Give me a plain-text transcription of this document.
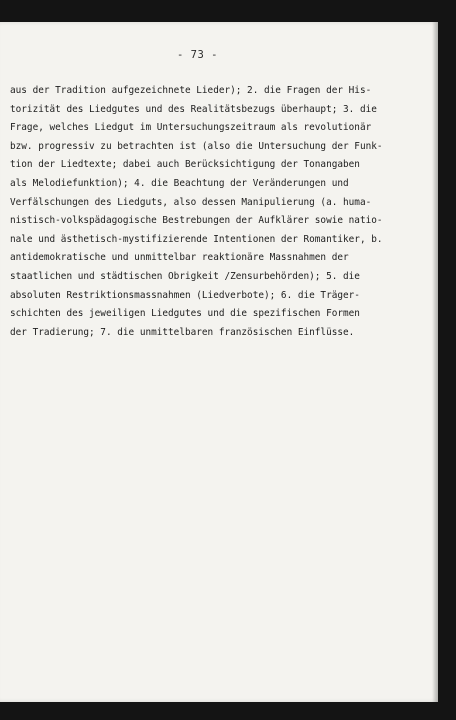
- 73 -
aus der Tradition aufgezeichnete Lieder); 2. die Fragen der His-
torizität des Liedgutes und des Realitätsbezugs überhaupt; 3. die
Frage, welches Liedgut im Untersuchungszeitraum als revolutionär
bzw. progressiv zu betrachten ist (also die Untersuchung der Funk-
tion der Liedtexte; dabei auch Berücksichtigung der Tonangaben
als Melodiefunktion); 4. die Beachtung der Veränderungen und
Verfälschungen des Liedguts, also dessen Manipulierung (a. huma-
nistisch-volkspädagogische Bestrebungen der Aufklärer sowie natio-
nale und ästhetisch-mystifizierende Intentionen der Romantiker, b.
antidemokratische und unmittelbar reaktionäre Massnahmen der
staatlichen und städtischen Obrigkeit /Zensurbehörden); 5. die
absoluten Restriktionsmassnahmen (Liedverbote); 6. die Träger-
schichten des jeweiligen Liedgutes und die spezifischen Formen
der Tradierung; 7. die unmittelbaren französischen Einflüsse.
